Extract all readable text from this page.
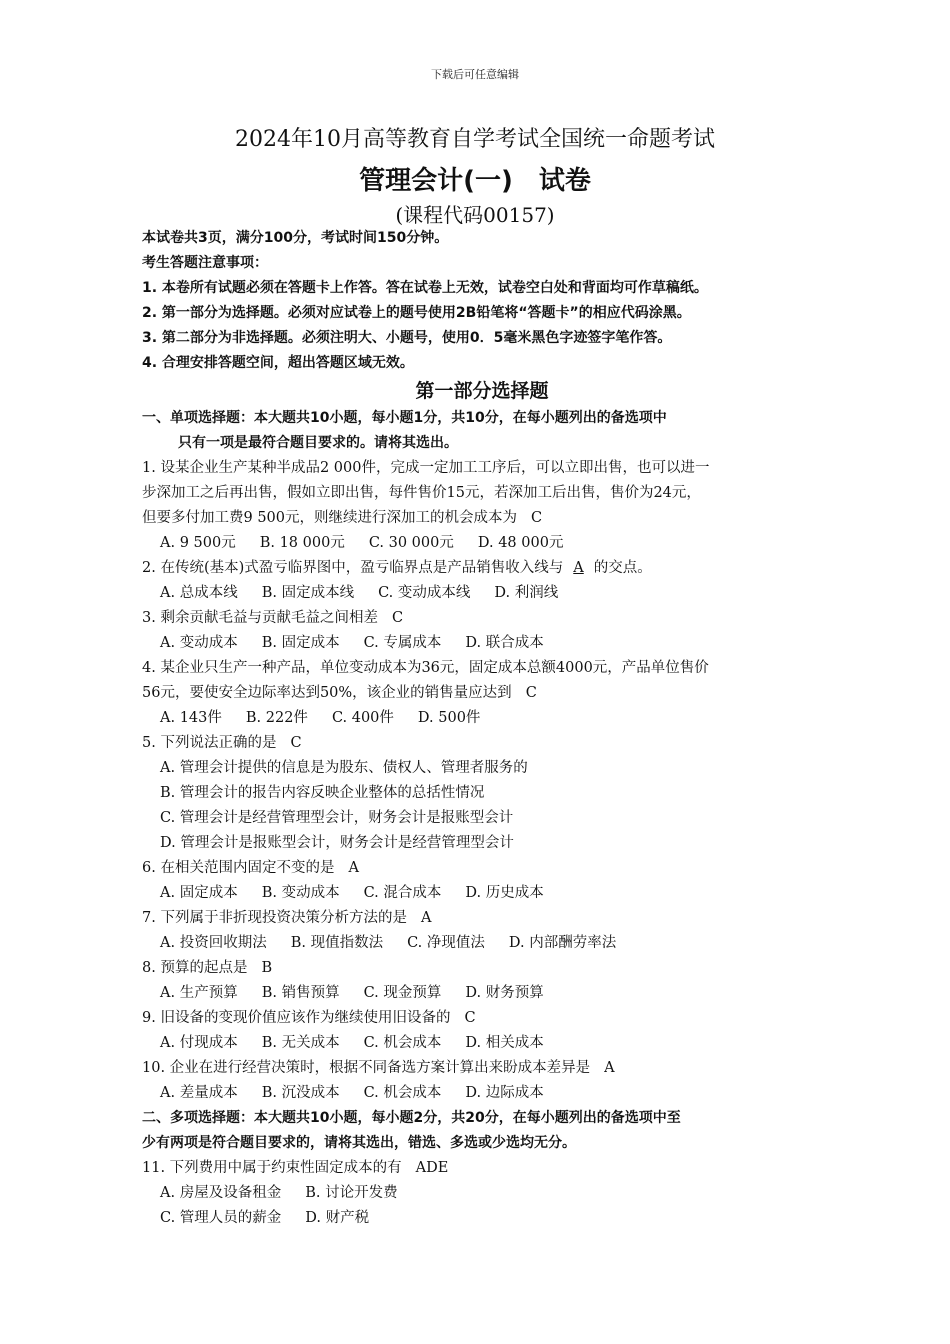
下载后可任意编辑
2024年10月高等教育自学考试全国统一命题考试
管理会计(一)　试卷
(课程代码00157)
本试卷共3页，满分100分，考试时间150分钟。
考生答题注意事项：
1. 本卷所有试题必须在答题卡上作答。答在试卷上无效，试卷空白处和背面均可作草稿纸。
2. 第一部分为选择题。必须对应试卷上的题号使用2B铅笔将“答题卡”的相应代码涂黑。
3. 第二部分为非选择题。必须注明大、小题号，使用0．5毫米黑色字迹签字笔作答。
4. 合理安排答题空间，超出答题区域无效。
第一部分选择题
一、单项选择题：本大题共10小题，每小题1分，共10分，在每小题列出的备选项中
只有一项是最符合题目要求的。请将其选出。
1. 设某企业生产某种半成品2 000件，完成一定加工工序后，可以立即出售，也可以进一
步深加工之后再出售，假如立即出售，每件售价15元，若深加工后出售，售价为24元，
但要多付加工费9 500元，则继续进行深加工的机会成本为 C
A. 9 500元 B. 18 000元 C. 30 000元 D. 48 000元
2. 在传统(基本)式盈亏临界图中，盈亏临界点是产品销售收入线与 A 的交点。
A. 总成本线 B. 固定成本线 C. 变动成本线 D. 利润线
3. 剩余贡献毛益与贡献毛益之间相差 C
A. 变动成本 B. 固定成本 C. 专属成本 D. 联合成本
4. 某企业只生产一种产品，单位变动成本为36元，固定成本总额4000元，产品单位售价
56元，要使安全边际率达到50%，该企业的销售量应达到 C
A. 143件 B. 222件 C. 400件 D. 500件
5. 下列说法正确的是 C
A. 管理会计提供的信息是为股东、债权人、管理者服务的
B. 管理会计的报告内容反映企业整体的总括性情况
C. 管理会计是经营管理型会计，财务会计是报账型会计
D. 管理会计是报账型会计，财务会计是经营管理型会计
6. 在相关范围内固定不变的是 A
A. 固定成本 B. 变动成本 C. 混合成本 D. 历史成本
7. 下列属于非折现投资决策分析方法的是 A
A. 投资回收期法 B. 现值指数法 C. 净现值法 D. 内部酬劳率法
8. 预算的起点是 B
A. 生产预算 B. 销售预算 C. 现金预算 D. 财务预算
9. 旧设备的变现价值应该作为继续使用旧设备的 C
A. 付现成本 B. 无关成本 C. 机会成本 D. 相关成本
10. 企业在进行经营决策时，根据不同备选方案计算出来盼成本差异是 A
A. 差量成本 B. 沉没成本 C. 机会成本 D. 边际成本
二、多项选择题：本大题共10小题，每小题2分，共20分，在每小题列出的备选项中至
少有两项是符合题目要求的，请将其选出，错选、多选或少选均无分。
11. 下列费用中属于约束性固定成本的有 ADE
A. 房屋及设备租金 B. 讨论开发费
C. 管理人员的薪金 D. 财产税
